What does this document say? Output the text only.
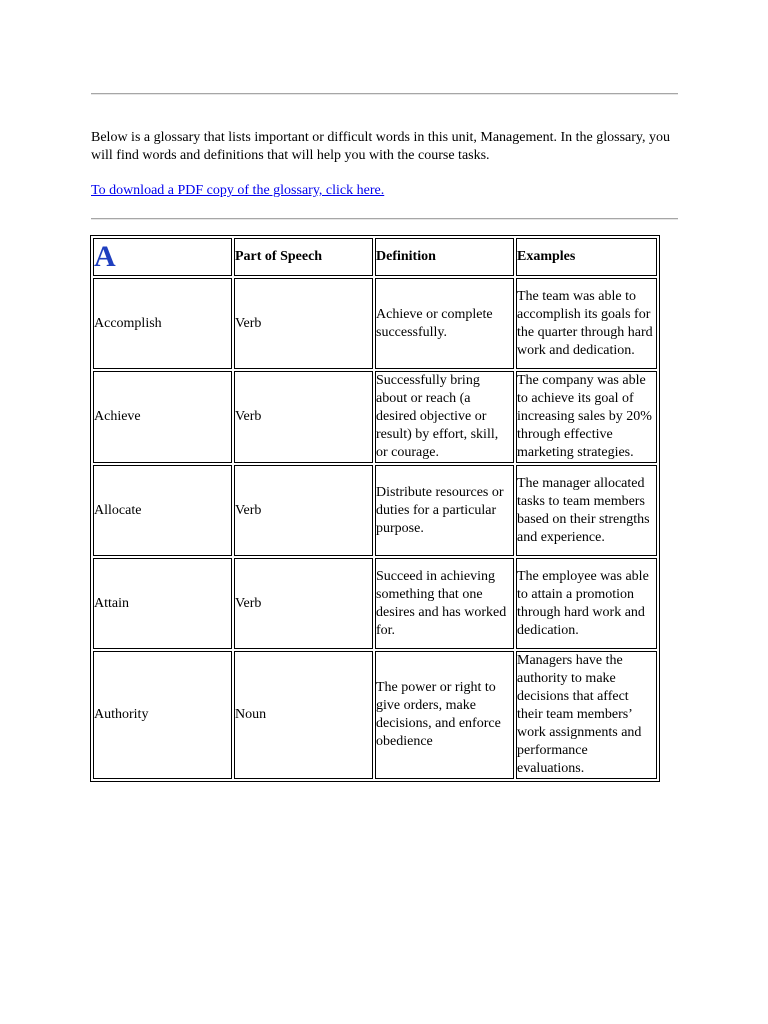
Below is a glossary that lists important or difficult words in this unit, Management. In the glossary, you will find words and definitions that will help you with the course tasks.

To download a PDF copy of the glossary, click here.
A	Part of Speech	Definition	Examples
Accomplish	Verb	Achieve or complete successfully.	The team was able to accomplish its goals for the quarter through hard work and dedication.
Achieve	Verb	Successfully bring about or reach (a desired objective or result) by effort, skill, or courage.	The company was able to achieve its goal of increasing sales by 20% through effective marketing strategies.
Allocate	Verb	Distribute resources or duties for a particular purpose.	The manager allocated tasks to team members based on their strengths and experience.
Attain	Verb	Succeed in achieving something that one desires and has worked for.	The employee was able to attain a promotion through hard work and dedication.
Authority	Noun	The power or right to give orders, make decisions, and enforce obedience	Managers have the authority to make decisions that affect their team members’ work assignments and performance evaluations.
